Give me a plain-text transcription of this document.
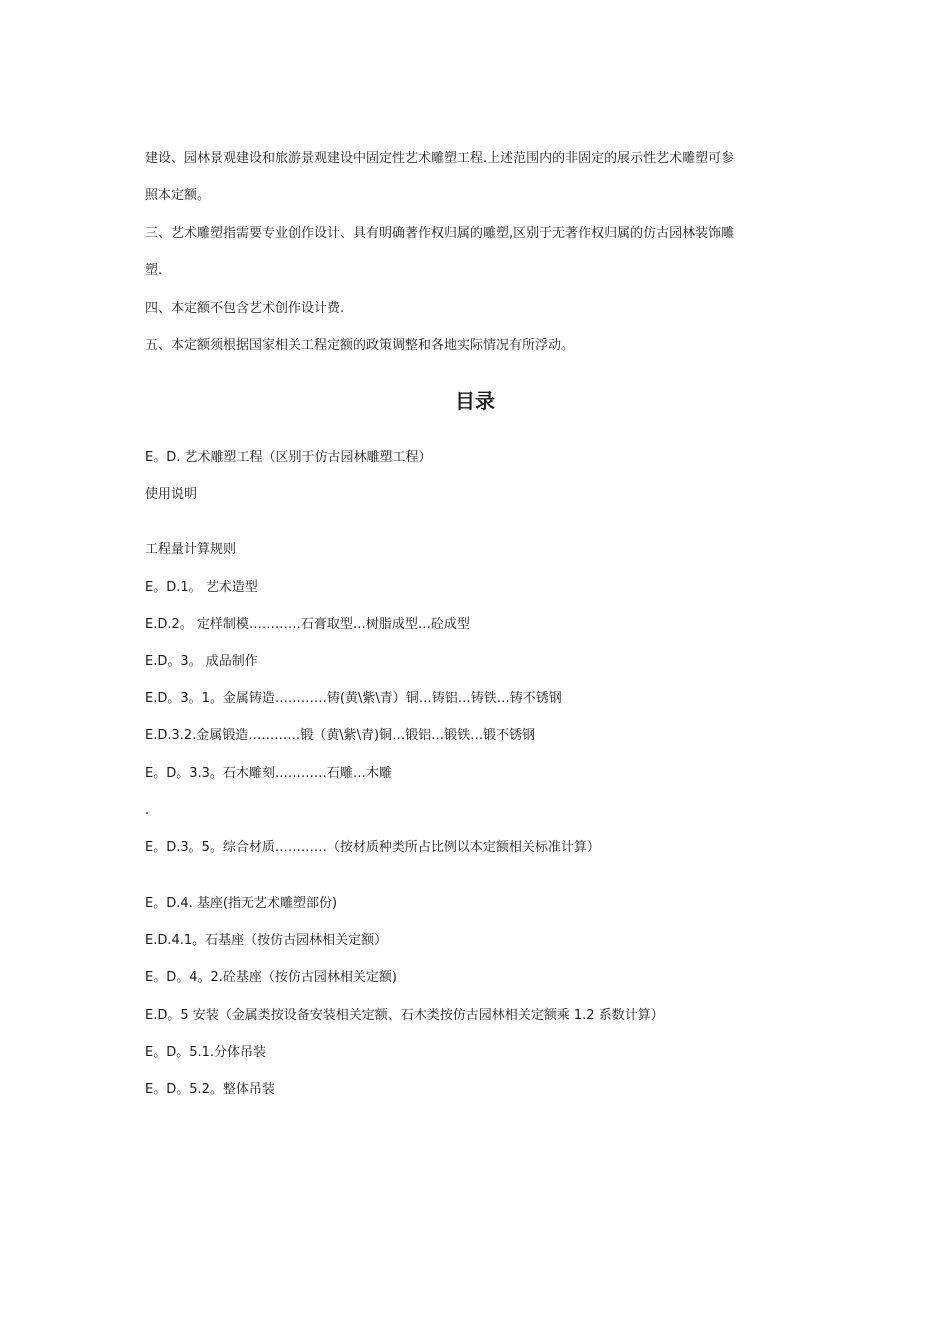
建设、园林景观建设和旅游景观建设中固定性艺术雕塑工程.上述范围内的非固定的展示性艺术雕塑可参
照本定额。
三、艺术雕塑指需要专业创作设计、具有明确著作权归属的雕塑,区别于无著作权归属的仿古园林装饰雕
塑.
四、本定额不包含艺术创作设计费.
五、本定额须根据国家相关工程定额的政策调整和各地实际情况有所浮动。
目录
E。D. 艺术雕塑工程（区别于仿古园林雕塑工程）
使用说明
工程量计算规则
E。D.1。 艺术造型
E.D.2。 定样制模…………石膏取型…树脂成型…砼成型
E.D。3。 成品制作
E.D。3。1。金属铸造…………铸(黄\紫\青）铜…铸铝…铸铁…铸不锈钢
E.D.3.2.金属锻造…………锻（黄\紫\青)铜…锻铝…锻铁…锻不锈钢
E。D。3.3。石木雕刻…………石雕…木雕
.
E。D.3。5。综合材质…………（按材质种类所占比例以本定额相关标准计算）
E。D.4. 基座(指无艺术雕塑部份)
E.D.4.1。石基座（按仿古园林相关定额）
E。D。4。2.砼基座（按仿古园林相关定额)
E.D。5 安装（金属类按设备安装相关定额、石木类按仿古园林相关定额乘 1.2 系数计算）
E。D。5.1.分体吊装
E。D。5.2。整体吊装
